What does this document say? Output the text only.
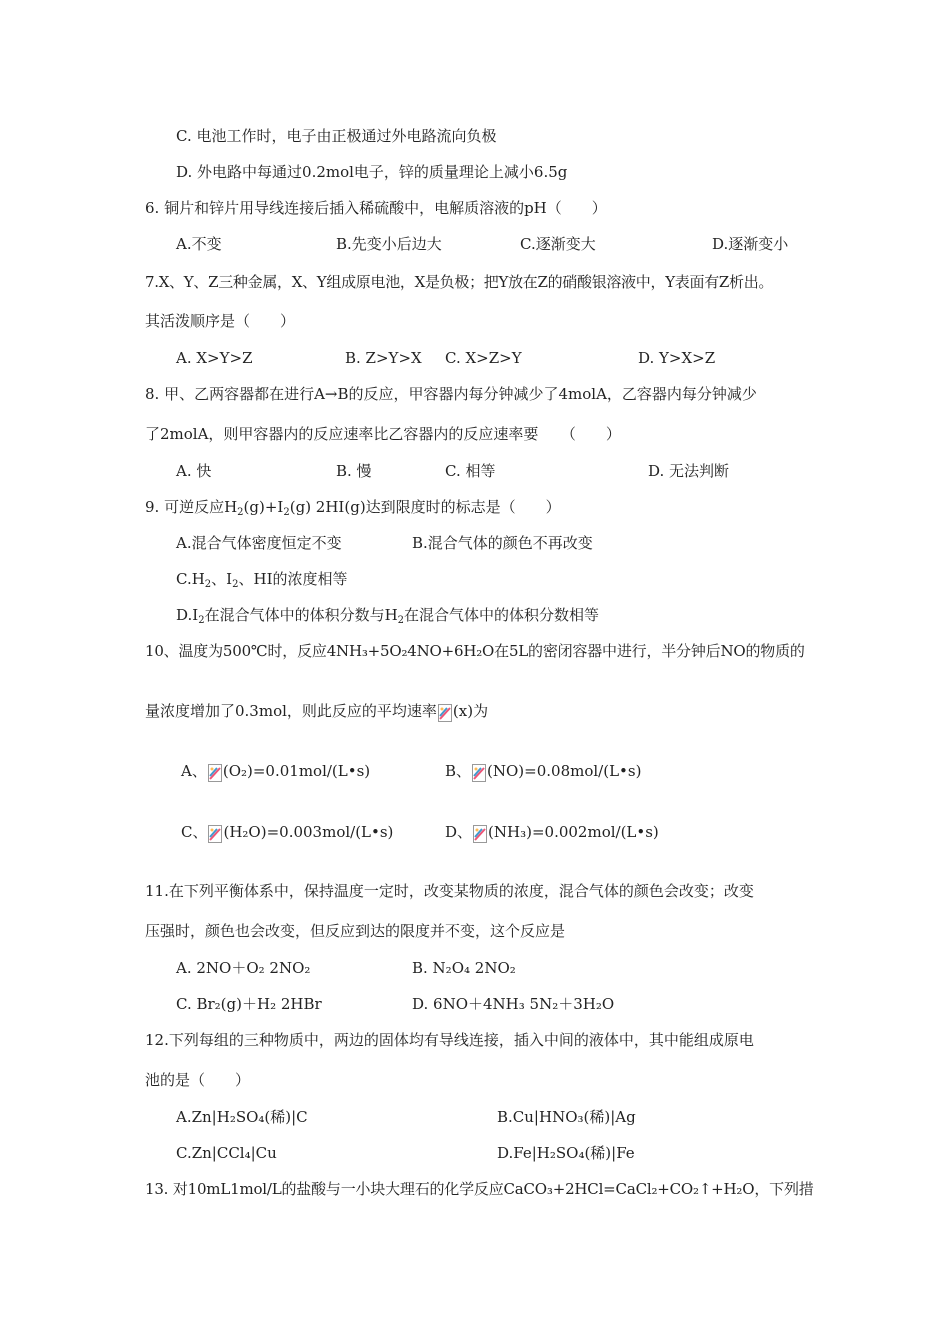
C. 电池工作时，电子由正极通过外电路流向负极
D. 外电路中每通过0.2mol电子，锌的质量理论上减小6.5g
6. 铜片和锌片用导线连接后插入稀硫酸中，电解质溶液的pH（　　）
A.不变	B.先变小后边大	C.逐渐变大	D.逐渐变小
7.X、Y、Z三种金属，X、Y组成原电池，X是负极；把Y放在Z的硝酸银溶液中，Y表面有Z析出。
其活泼顺序是（　　）
A. X>Y>Z	B. Z>Y>X C. X>Z>Y	D. Y>X>Z
8. 甲、乙两容器都在进行A→B的反应，甲容器内每分钟减少了4molA，乙容器内每分钟减少
了2molA，则甲容器内的反应速率比乙容器内的反应速率要　　（　　）
A. 快	B. 慢	C. 相等	D. 无法判断
9. 可逆反应$H_2(g)+I_2(g)$ 2HI(g)达到限度时的标志是（　　）
A.混合气体密度恒定不变	B.混合气体的颜色不再改变
$C.H_2$、$I_2$、HI的浓度相等
$D.I_2$在混合气体中的体积分数与$H_2$在混合气体中的体积分数相等
10、温度为500℃时，反应4NH₃+5O₂4NO+6H₂O在5L的密闭容器中进行，半分钟后NO的物质的
量浓度增加了0.3mol，则此反应的平均速率 (x)为
A、 (O₂)=0.01mol/(L•s)	B、 (NO)=0.08mol/(L•s)
C、 (H₂O)=0.003mol/(L•s)	D、 (NH₃)=0.002mol/(L•s)
11.在下列平衡体系中，保持温度一定时，改变某物质的浓度，混合气体的颜色会改变；改变
压强时，颜色也会改变，但反应到达的限度并不变，这个反应是
A. 2NO＋O₂ 2NO₂	B. N₂O₄ 2NO₂
C. Br₂(g)＋H₂ 2HBr	D. 6NO＋4NH₃ 5N₂＋3H₂O
12.下列每组的三种物质中，两边的固体均有导线连接，插入中间的液体中，其中能组成原电
池的是（　　）
A.Zn|H₂SO₄(稀)|C	B.Cu|HNO₃(稀)|Ag
C.Zn|CCl₄|Cu	D.Fe|H₂SO₄(稀)|Fe
13. 对10mL1mol/L的盐酸与一小块大理石的化学反应CaCO₃+2HCl=CaCl₂+CO₂↑+H₂O，下列措
